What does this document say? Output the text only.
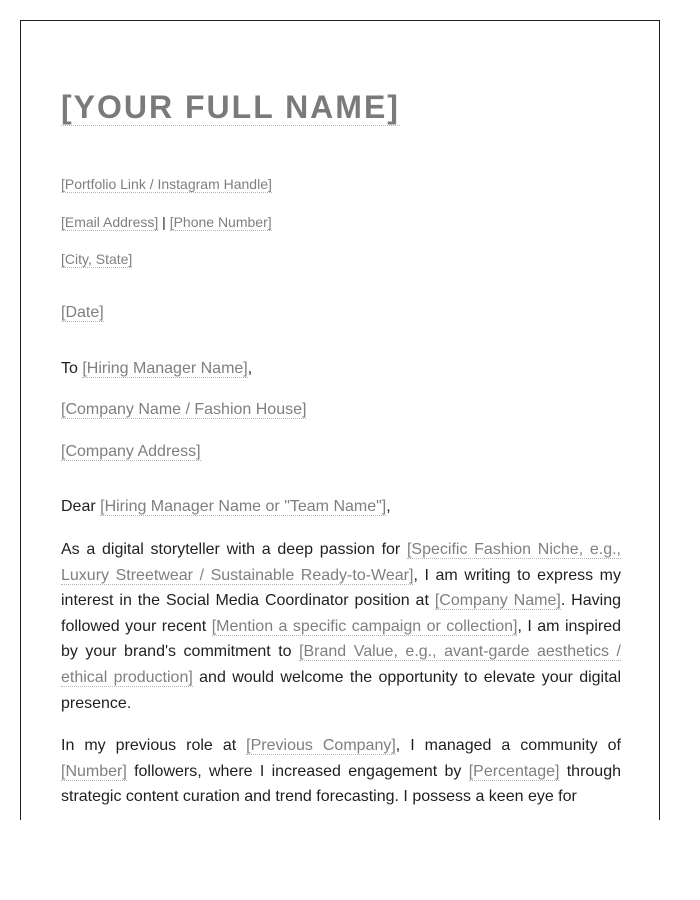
[YOUR FULL NAME]
[Portfolio Link / Instagram Handle]
[Email Address] | [Phone Number]
[City, State]
[Date]
To [Hiring Manager Name],
[Company Name / Fashion House]
[Company Address]
Dear [Hiring Manager Name or "Team Name"],
As a digital storyteller with a deep passion for [Specific Fashion Niche, e.g., Luxury Streetwear / Sustainable Ready-to-Wear], I am writing to express my interest in the Social Media Coordinator position at [Company Name]. Having followed your recent [Mention a specific campaign or collection], I am inspired by your brand's commitment to [Brand Value, e.g., avant-garde aesthetics / ethical production] and would welcome the opportunity to elevate your digital presence.
In my previous role at [Previous Company], I managed a community of [Number] followers, where I increased engagement by [Percentage] through strategic content curation and trend forecasting. I possess a keen eye for
